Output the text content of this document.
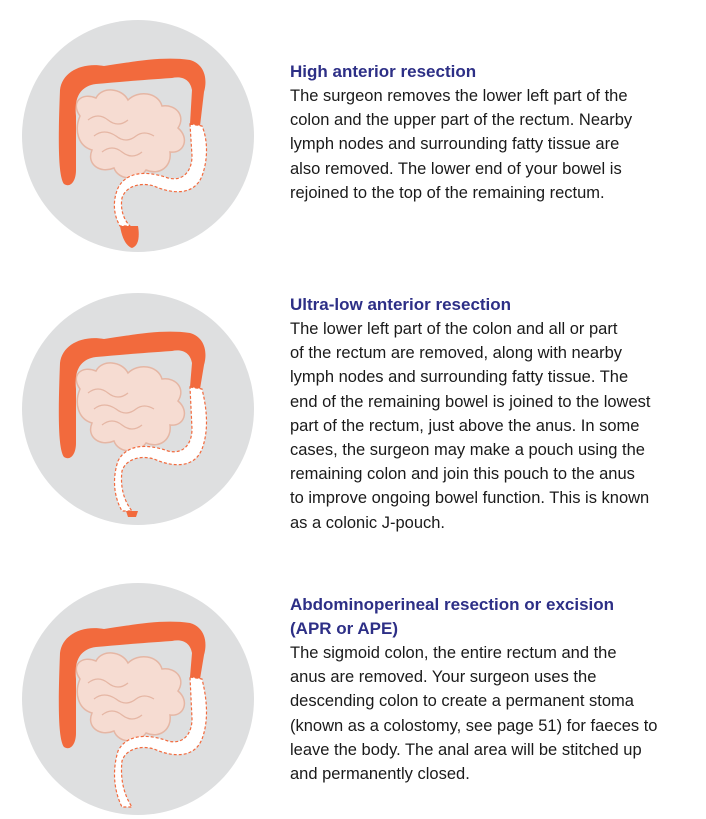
High anterior resection

The surgeon removes the lower left part of the
colon and the upper part of the rectum. Nearby
lymph nodes and surrounding fatty tissue are
also removed. The lower end of your bowel is
rejoined to the top of the remaining rectum.

Ultra-low anterior resection

The lower left part of the colon and all or part
of the rectum are removed, along with nearby
lymph nodes and surrounding fatty tissue. The
end of the remaining bowel is joined to the lowest
part of the rectum, just above the anus. In some
cases, the surgeon may make a pouch using the
remaining colon and join this pouch to the anus
to improve ongoing bowel function. This is known
as a colonic J-pouch.

Abdominoperineal resection or excision
(APR or APE)

The sigmoid colon, the entire rectum and the
anus are removed. Your surgeon uses the
descending colon to create a permanent stoma
(known as a colostomy, see page 51) for faeces to
leave the body. The anal area will be stitched up
and permanently closed.
